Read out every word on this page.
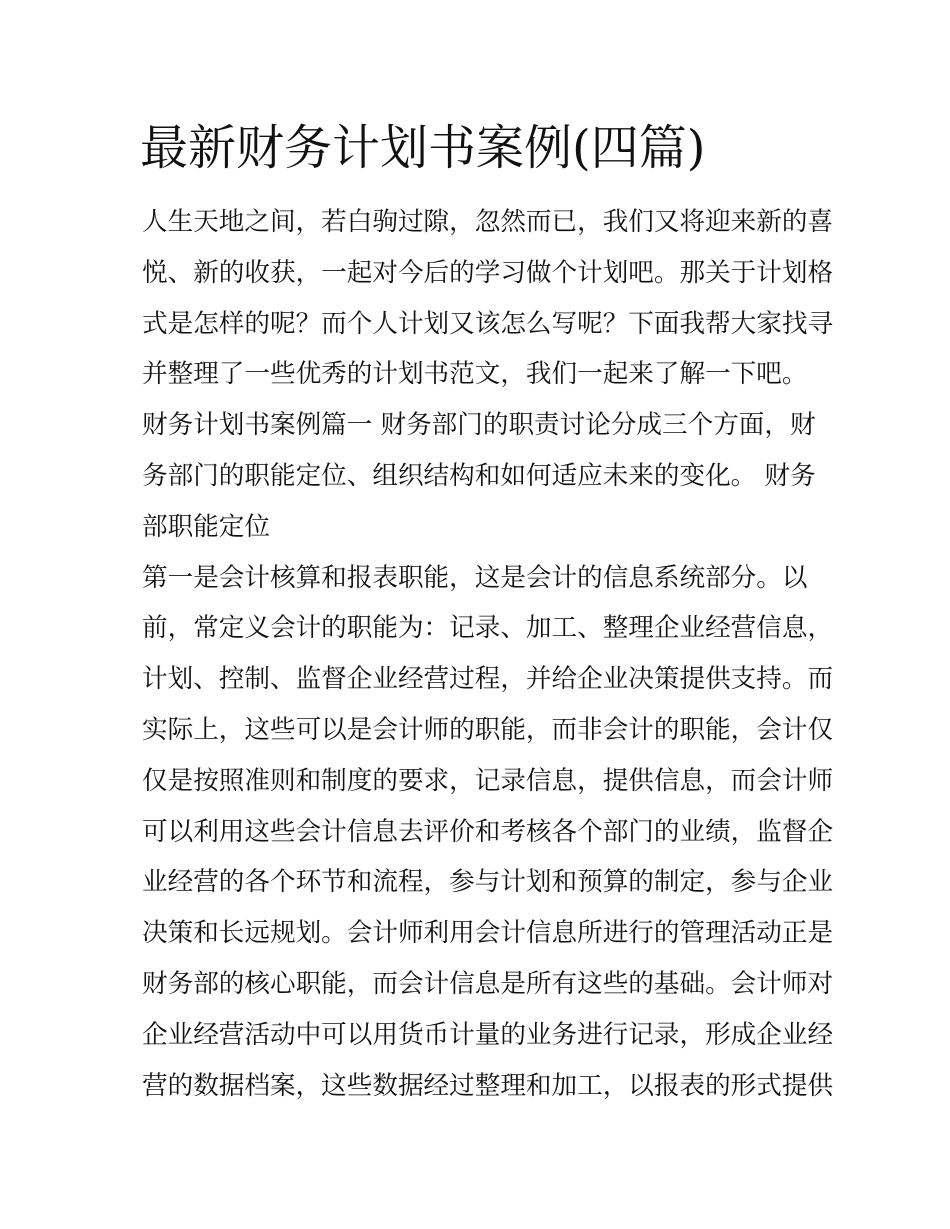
最新财务计划书案例(四篇)
人生天地之间，若白驹过隙，忽然而已，我们又将迎来新的喜
悦、新的收获，一起对今后的学习做个计划吧。那关于计划格
式是怎样的呢？而个人计划又该怎么写呢？下面我帮大家找寻
并整理了一些优秀的计划书范文，我们一起来了解一下吧。
财务计划书案例篇一 财务部门的职责讨论分成三个方面，财
务部门的职能定位、组织结构和如何适应未来的变化。 财务
部职能定位
第一是会计核算和报表职能，这是会计的信息系统部分。以
前，常定义会计的职能为：记录、加工、整理企业经营信息，
计划、控制、监督企业经营过程，并给企业决策提供支持。而
实际上，这些可以是会计师的职能，而非会计的职能，会计仅
仅是按照准则和制度的要求，记录信息，提供信息，而会计师
可以利用这些会计信息去评价和考核各个部门的业绩，监督企
业经营的各个环节和流程，参与计划和预算的制定，参与企业
决策和长远规划。会计师利用会计信息所进行的管理活动正是
财务部的核心职能，而会计信息是所有这些的基础。会计师对
企业经营活动中可以用货币计量的业务进行记录，形成企业经
营的数据档案，这些数据经过整理和加工，以报表的形式提供
